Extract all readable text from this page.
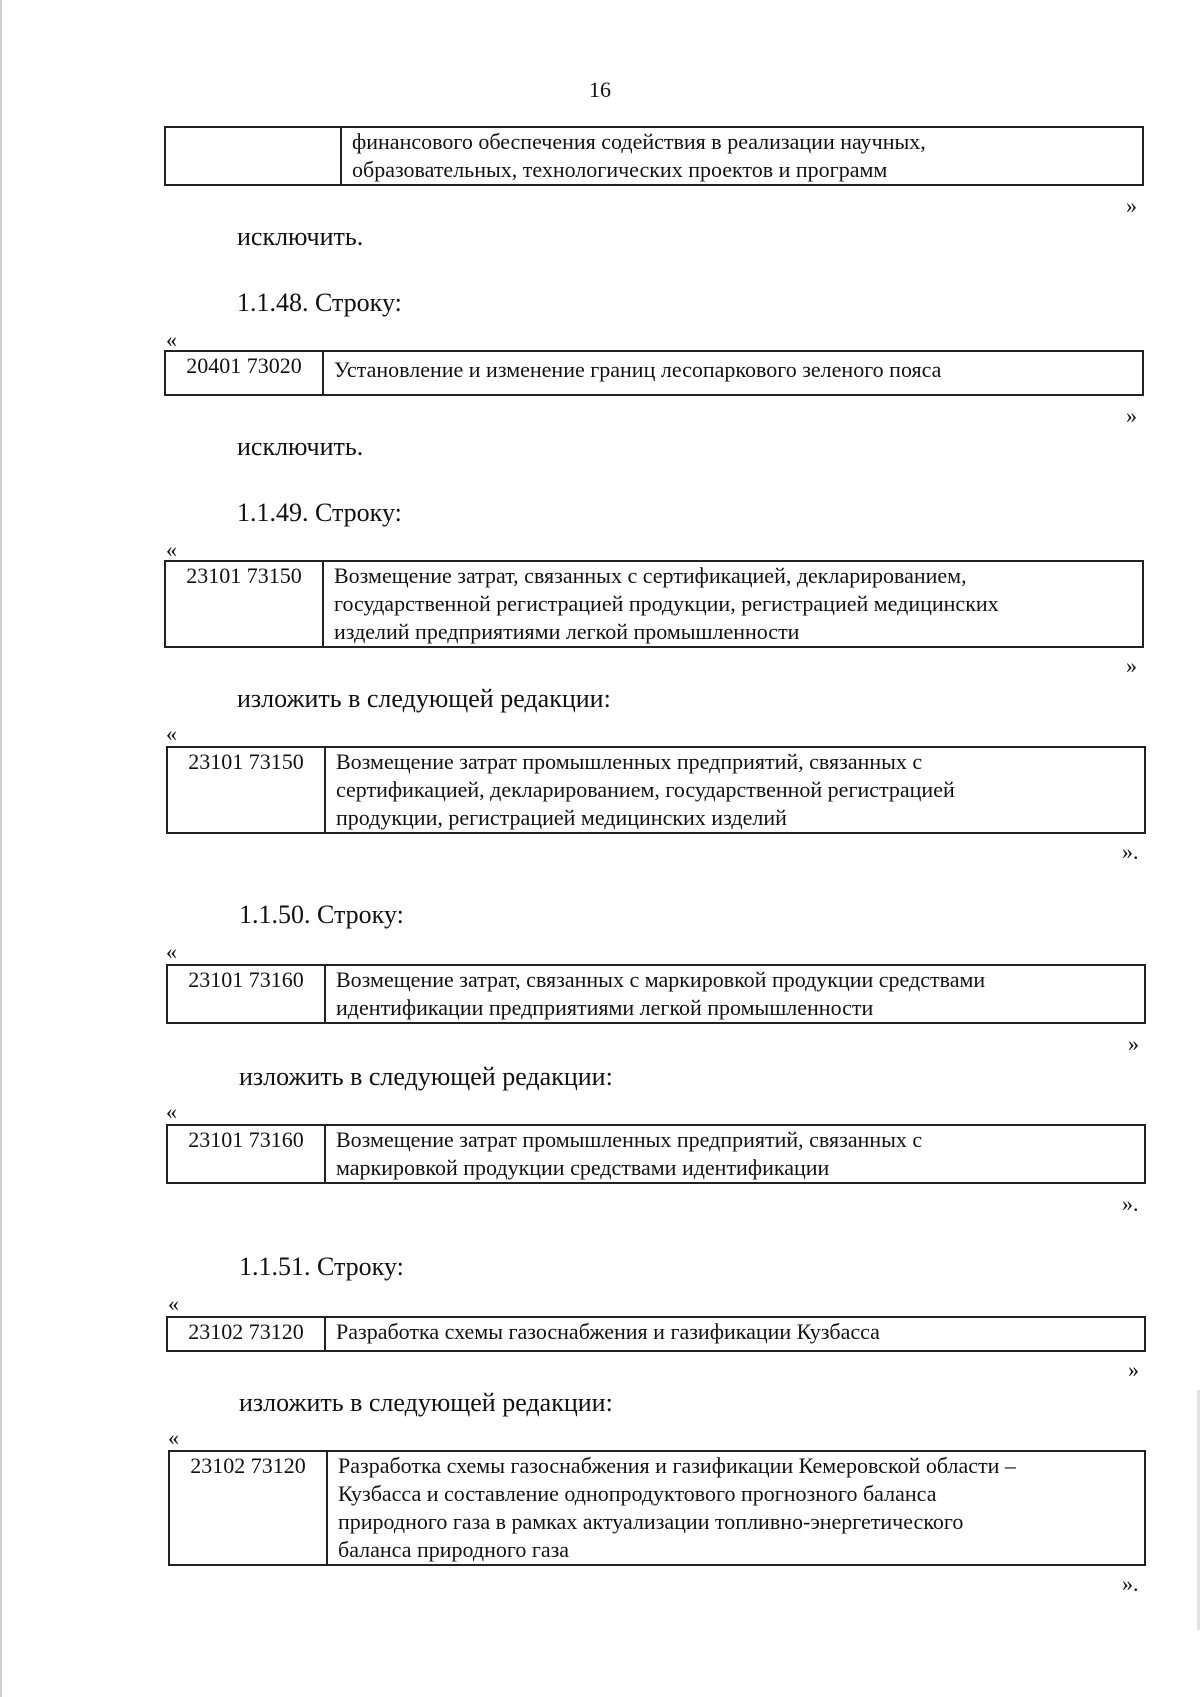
16

финансового обеспечения содействия в реализации научных,
образовательных, технологических проектов и программ
»
исключить.
1.1.48. Строку:
«
20401 73020	Установление и изменение границ лесопаркового зеленого пояса
»
исключить.
1.1.49. Строку:
«
23101 73150	Возмещение затрат, связанных с сертификацией, декларированием,
государственной регистрацией продукции, регистрацией медицинских
изделий предприятиями легкой промышленности
»
изложить в следующей редакции:
«
23101 73150	Возмещение затрат промышленных предприятий, связанных с
сертификацией, декларированием, государственной регистрацией
продукции, регистрацией медицинских изделий
».
1.1.50. Строку:
«
23101 73160	Возмещение затрат, связанных с маркировкой продукции средствами
идентификации предприятиями легкой промышленности
»
изложить в следующей редакции:
«
23101 73160	Возмещение затрат промышленных предприятий, связанных с
маркировкой продукции средствами идентификации
».
1.1.51. Строку:
«
23102 73120	Разработка схемы газоснабжения и газификации Кузбасса
»
изложить в следующей редакции:
«
23102 73120	Разработка схемы газоснабжения и газификации Кемеровской области –
Кузбасса и составление однопродуктового прогнозного баланса
природного газа в рамках актуализации топливно-энергетического
баланса природного газа
».
